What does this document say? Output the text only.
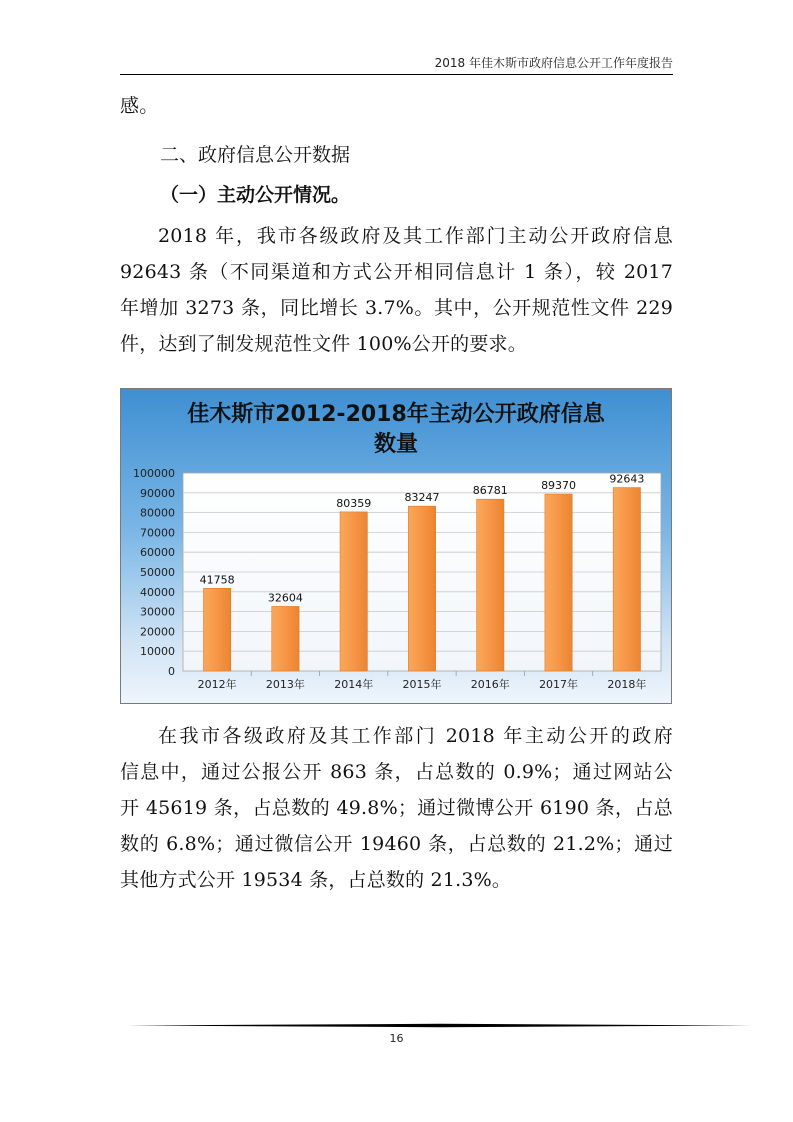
2018 年佳木斯市政府信息公开工作年度报告
感。
二、政府信息公开数据
（一）主动公开情况。
2018 年，我市各级政府及其工作部门主动公开政府信息
92643 条（不同渠道和方式公开相同信息计 1 条），较 2017
年增加 3273 条，同比增长 3.7%。其中，公开规范性文件 229
件，达到了制发规范性文件 100%公开的要求。
佳木斯市2012-2018年主动公开政府信息
数量
0
10000
20000
30000
40000
50000
60000
70000
80000
90000
100000
41758
32604
80359	83247
86781	89370	92643
2012年	2013年	2014年	2015年	2016年	2017年	2018年
在我市各级政府及其工作部门 2018 年主动公开的政府
信息中，通过公报公开 863 条，占总数的 0.9%；通过网站公
开 45619 条，占总数的 49.8%；通过微博公开 6190 条，占总
数的 6.8%；通过微信公开 19460 条，占总数的 21.2%；通过
其他方式公开 19534 条，占总数的 21.3%。
16
